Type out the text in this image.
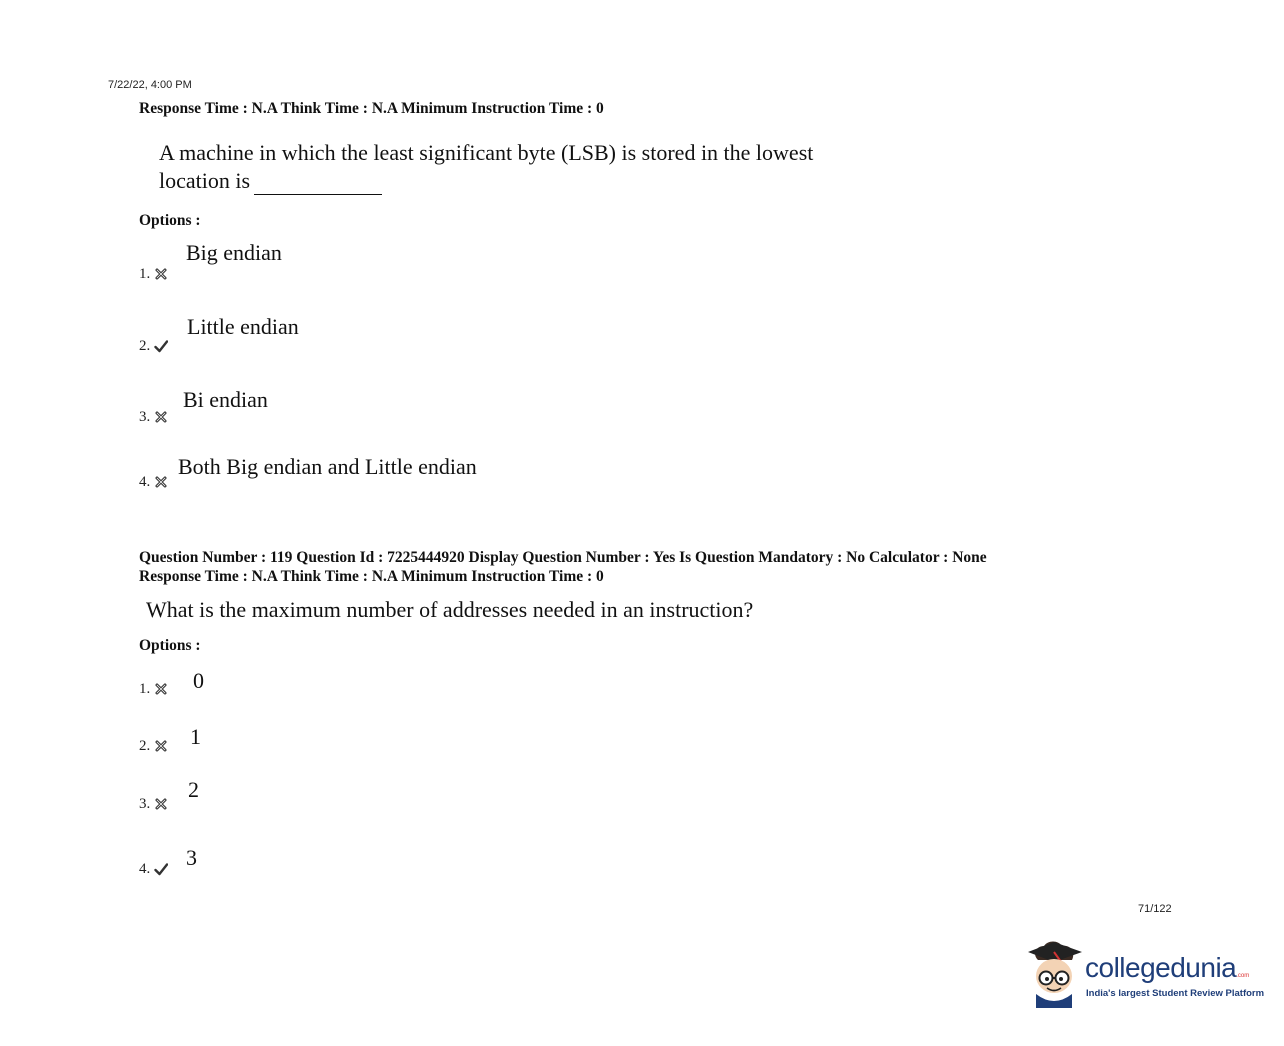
7/22/22, 4:00 PM
Response Time : N.A Think Time : N.A Minimum Instruction Time : 0
A machine in which the least significant byte (LSB) is stored in the lowest
location is
Options :
1.
Big endian
2.
Little endian
3.
Bi endian
4.
Both Big endian and Little endian
Question Number : 119 Question Id : 7225444920 Display Question Number : Yes Is Question Mandatory : No Calculator : None
Response Time : N.A Think Time : N.A Minimum Instruction Time : 0
What is the maximum number of addresses needed in an instruction?
Options :
1.	0
2.	1
3.
2
4.	3
71/122
collegedunia.com
India's largest Student Review Platform
